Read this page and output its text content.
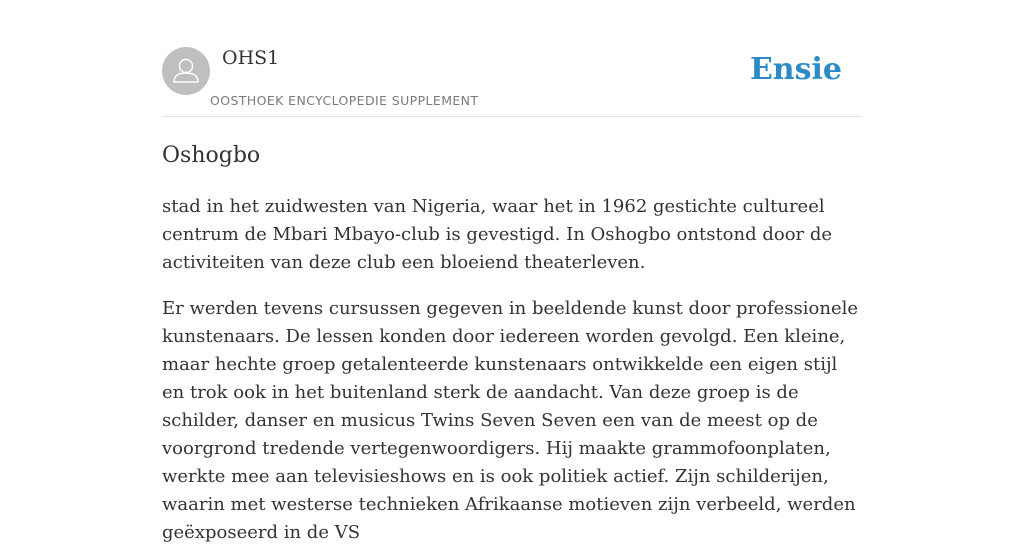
OHS1
OOSTHOEK ENCYCLOPEDIE SUPPLEMENT
Ensie
Oshogbo

stad in het zuidwesten van Nigeria, waar het in 1962 gestichte cultureel centrum de Mbari Mbayo-club is gevestigd. In Oshogbo ontstond door de activiteiten van deze club een bloeiend theaterleven.

Er werden tevens cursussen gegeven in beeldende kunst door professionele kunstenaars. De lessen konden door iedereen worden gevolgd. Een kleine, maar hechte groep getalenteerde kunstenaars ontwikkelde een eigen stijl en trok ook in het buitenland sterk de aandacht. Van deze groep is de schilder, danser en musicus Twins Seven Seven een van de meest op de voorgrond tredende vertegenwoordigers. Hij maakte grammofoonplaten, werkte mee aan televisieshows en is ook politiek actief. Zijn schilderijen, waarin met westerse technieken Afrikaanse motieven zijn verbeeld, werden geëxposeerd in de VS
